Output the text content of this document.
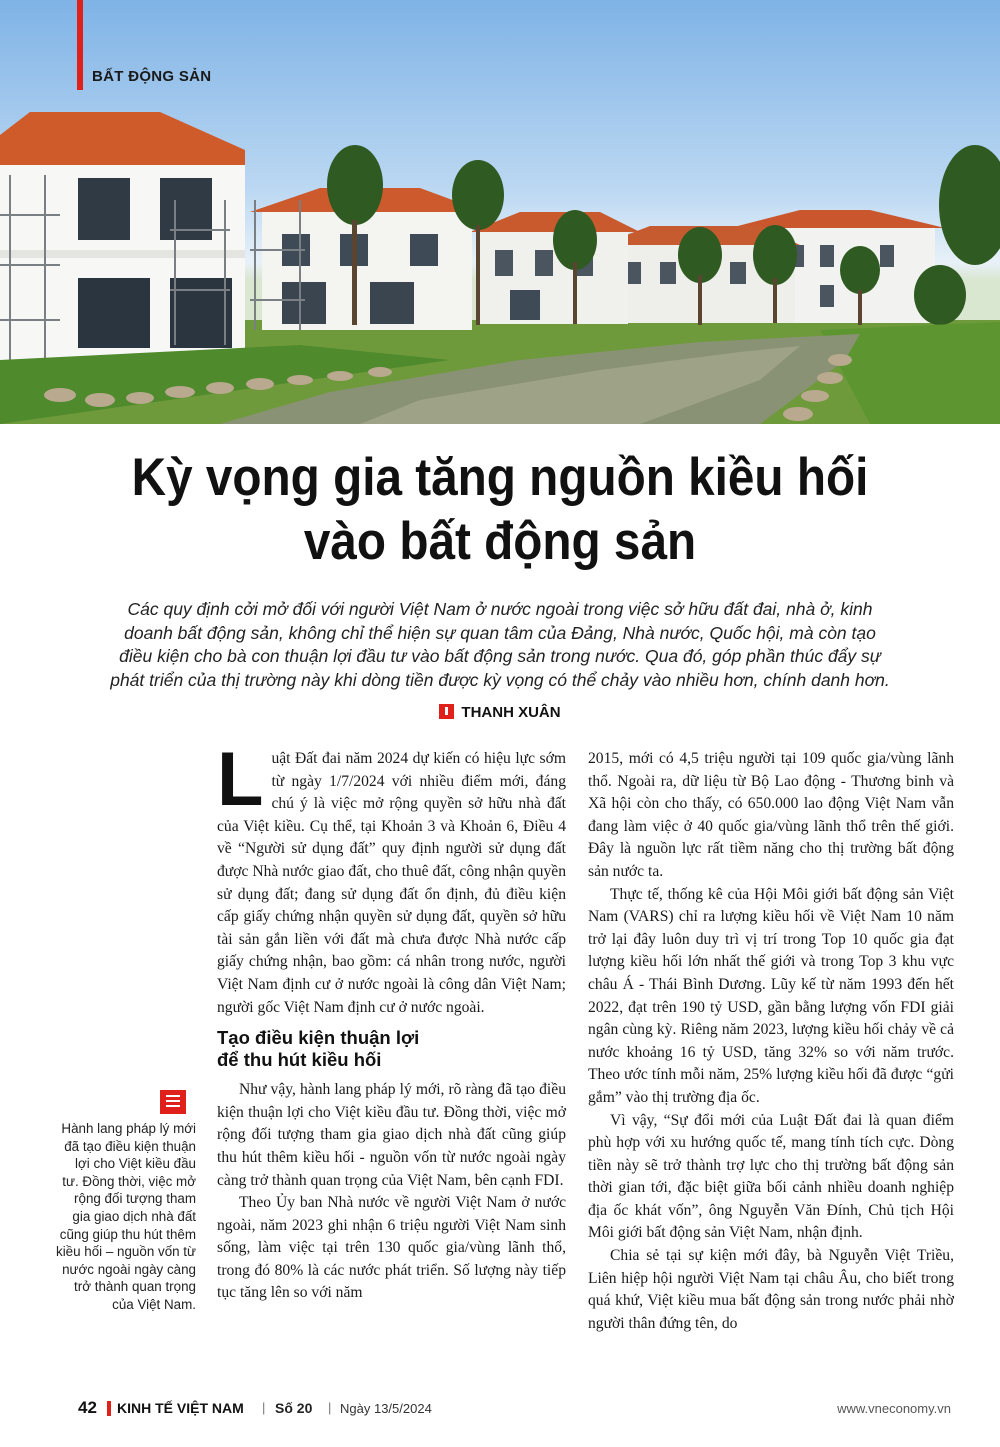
BẤT ĐỘNG SẢN
Kỳ vọng gia tăng nguồn kiều hối
vào bất động sản

Các quy định cởi mở đối với người Việt Nam ở nước ngoài trong việc sở hữu đất đai, nhà ở, kinh doanh bất động sản, không chỉ thể hiện sự quan tâm của Đảng, Nhà nước, Quốc hội, mà còn tạo điều kiện cho bà con thuận lợi đầu tư vào bất động sản trong nước. Qua đó, góp phần thúc đẩy sự phát triển của thị trường này khi dòng tiền được kỳ vọng có thể chảy vào nhiều hơn, chính danh hơn.

THANH XUÂN

Luật Đất đai năm 2024 dự kiến có hiệu lực sớm từ ngày 1/7/2024 với nhiều điểm mới, đáng chú ý là việc mở rộng quyền sở hữu nhà đất của Việt kiều. Cụ thể, tại Khoản 3 và Khoản 6, Điều 4 về “Người sử dụng đất” quy định người sử dụng đất được Nhà nước giao đất, cho thuê đất, công nhận quyền sử dụng đất; đang sử dụng đất ổn định, đủ điều kiện cấp giấy chứng nhận quyền sử dụng đất, quyền sở hữu tài sản gắn liền với đất mà chưa được Nhà nước cấp giấy chứng nhận, bao gồm: cá nhân trong nước, người Việt Nam định cư ở nước ngoài là công dân Việt Nam; người gốc Việt Nam định cư ở nước ngoài.

Tạo điều kiện thuận lợi
để thu hút kiều hối

Như vậy, hành lang pháp lý mới, rõ ràng đã tạo điều kiện thuận lợi cho Việt kiều đầu tư. Đồng thời, việc mở rộng đối tượng tham gia giao dịch nhà đất cũng giúp thu hút thêm kiều hối - nguồn vốn từ nước ngoài ngày càng trở thành quan trọng của Việt Nam, bên cạnh FDI.

Theo Ủy ban Nhà nước về người Việt Nam ở nước ngoài, năm 2023 ghi nhận 6 triệu người Việt Nam sinh sống, làm việc tại trên 130 quốc gia/vùng lãnh thổ, trong đó 80% là các nước phát triển. Số lượng này tiếp tục tăng lên so với năm

2015, mới có 4,5 triệu người tại 109 quốc gia/vùng lãnh thổ. Ngoài ra, dữ liệu từ Bộ Lao động - Thương binh và Xã hội còn cho thấy, có 650.000 lao động Việt Nam vẫn đang làm việc ở 40 quốc gia/vùng lãnh thổ trên thế giới. Đây là nguồn lực rất tiềm năng cho thị trường bất động sản nước ta.

Thực tế, thống kê của Hội Môi giới bất động sản Việt Nam (VARS) chỉ ra lượng kiều hối về Việt Nam 10 năm trở lại đây luôn duy trì vị trí trong Top 10 quốc gia đạt lượng kiều hối lớn nhất thế giới và trong Top 3 khu vực châu Á - Thái Bình Dương. Lũy kế từ năm 1993 đến hết 2022, đạt trên 190 tỷ USD, gần bằng lượng vốn FDI giải ngân cùng kỳ. Riêng năm 2023, lượng kiều hối chảy về cả nước khoảng 16 tỷ USD, tăng 32% so với năm trước. Theo ước tính mỗi năm, 25% lượng kiều hối đã được “gửi gắm” vào thị trường địa ốc.

Vì vậy, “Sự đổi mới của Luật Đất đai là quan điểm phù hợp với xu hướng quốc tế, mang tính tích cực. Dòng tiền này sẽ trở thành trợ lực cho thị trường bất động sản thời gian tới, đặc biệt giữa bối cảnh nhiều doanh nghiệp địa ốc khát vốn”, ông Nguyễn Văn Đính, Chủ tịch Hội Môi giới bất động sản Việt Nam, nhận định.

Chia sẻ tại sự kiện mới đây, bà Nguyễn Việt Triều, Liên hiệp hội người Việt Nam tại châu Âu, cho biết trong quá khứ, Việt kiều mua bất động sản trong nước phải nhờ người thân đứng tên, do

Hành lang pháp lý mới đã tạo điều kiện thuận lợi cho Việt kiều đầu tư. Đồng thời, việc mở rộng đối tượng tham gia giao dịch nhà đất cũng giúp thu hút thêm kiều hối – nguồn vốn từ nước ngoài ngày càng trở thành quan trọng của Việt Nam.

42 KINH TẾ VIỆT NAM | Số 20 | Ngày 13/5/2024	www.vneconomy.vn
